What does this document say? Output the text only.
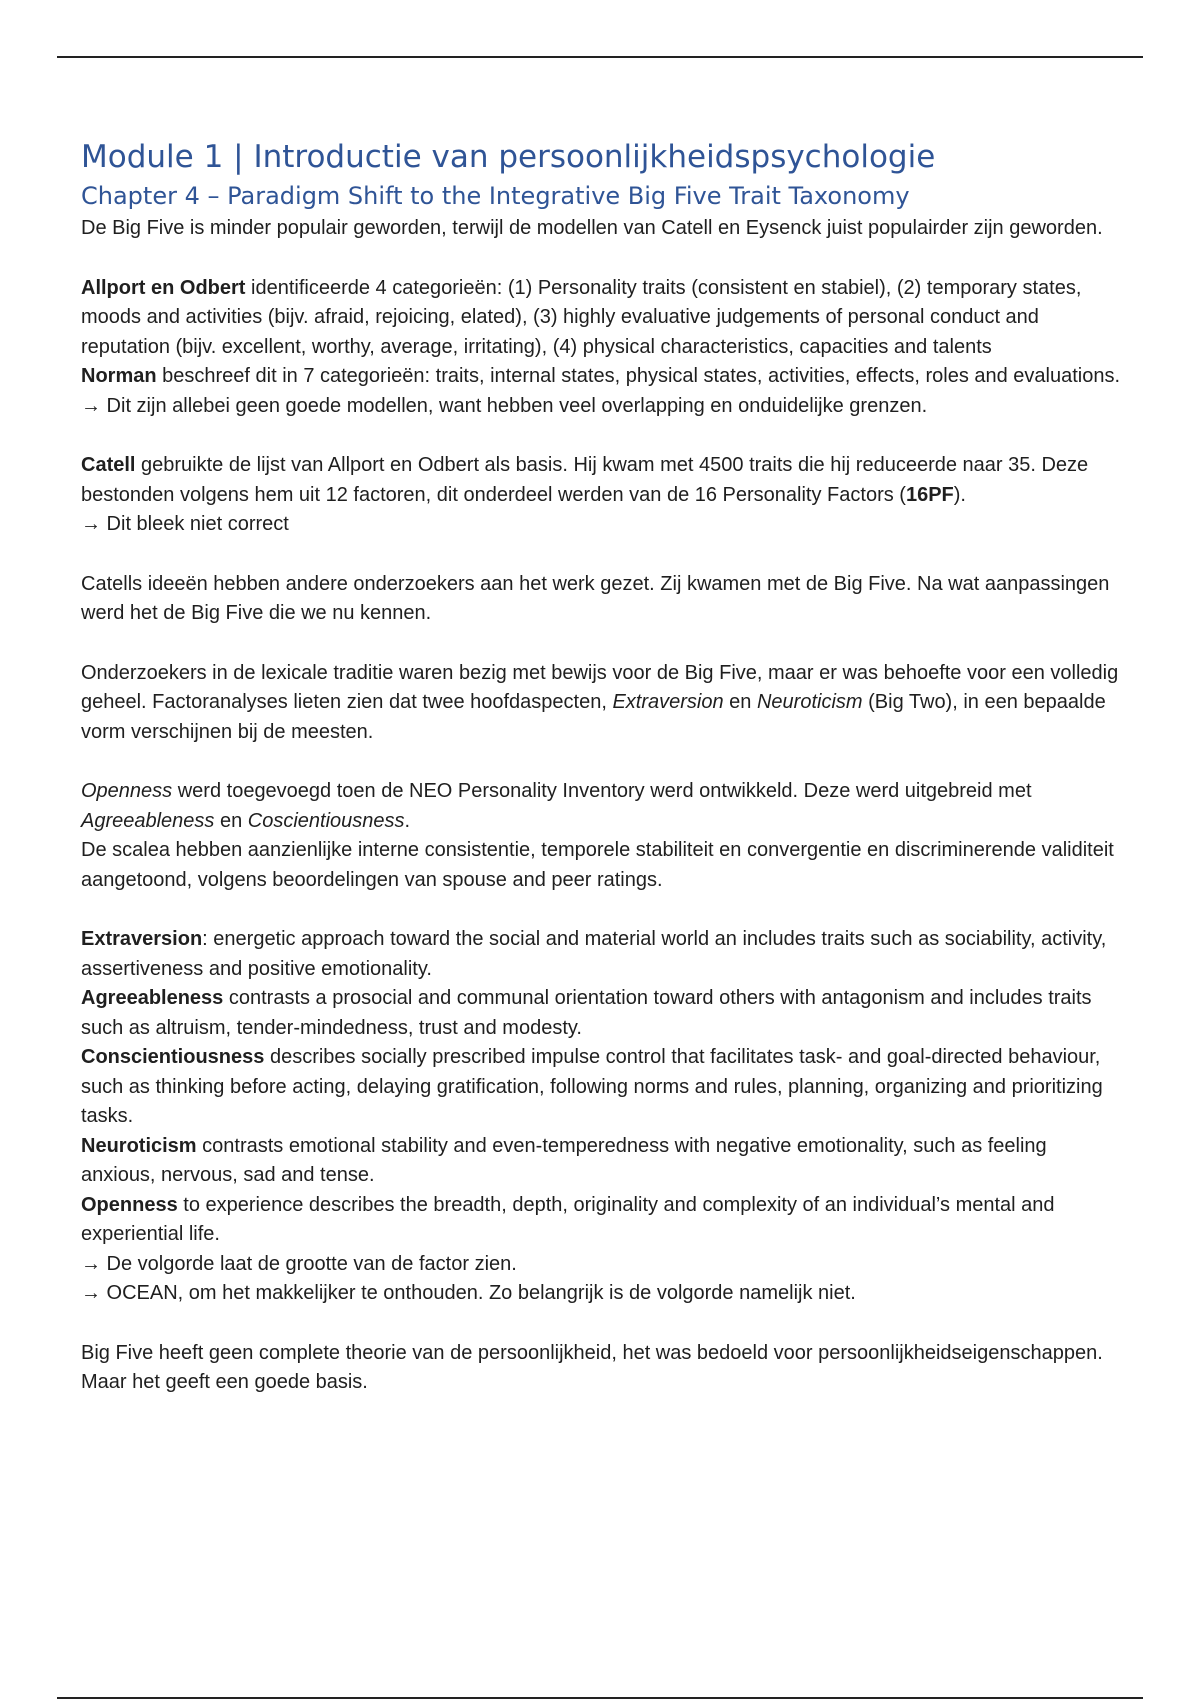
Module 1 | Introductie van persoonlijkheidspsychologie
Chapter 4 – Paradigm Shift to the Integrative Big Five Trait Taxonomy

De Big Five is minder populair geworden, terwijl de modellen van Catell en Eysenck juist populairder zijn geworden.

Allport en Odbert identificeerde 4 categorieën: (1) Personality traits (consistent en stabiel), (2) temporary states, moods and activities (bijv. afraid, rejoicing, elated), (3) highly evaluative judgements of personal conduct and reputation (bijv. excellent, worthy, average, irritating), (4) physical characteristics, capacities and talents

Norman beschreef dit in 7 categorieën: traits, internal states, physical states, activities, effects, roles and evaluations.

→ Dit zijn allebei geen goede modellen, want hebben veel overlapping en onduidelijke grenzen.

Catell gebruikte de lijst van Allport en Odbert als basis. Hij kwam met 4500 traits die hij reduceerde naar 35. Deze bestonden volgens hem uit 12 factoren, dit onderdeel werden van de 16 Personality Factors (16PF).

→ Dit bleek niet correct

Catells ideeën hebben andere onderzoekers aan het werk gezet. Zij kwamen met de Big Five. Na wat aanpassingen werd het de Big Five die we nu kennen.

Onderzoekers in de lexicale traditie waren bezig met bewijs voor de Big Five, maar er was behoefte voor een volledig geheel. Factoranalyses lieten zien dat twee hoofdaspecten, Extraversion en Neuroticism (Big Two), in een bepaalde vorm verschijnen bij de meesten.

Openness werd toegevoegd toen de NEO Personality Inventory werd ontwikkeld. Deze werd uitgebreid met Agreeableness en Coscientiousness.

De scalea hebben aanzienlijke interne consistentie, temporele stabiliteit en convergentie en discriminerende validiteit aangetoond, volgens beoordelingen van spouse and peer ratings.

Extraversion: energetic approach toward the social and material world an includes traits such as sociability, activity, assertiveness and positive emotionality.

Agreeableness contrasts a prosocial and communal orientation toward others with antagonism and includes traits such as altruism, tender-mindedness, trust and modesty.

Conscientiousness describes socially prescribed impulse control that facilitates task- and goal-directed behaviour, such as thinking before acting, delaying gratification, following norms and rules, planning, organizing and prioritizing tasks.

Neuroticism contrasts emotional stability and even-temperedness with negative emotionality, such as feeling anxious, nervous, sad and tense.

Openness to experience describes the breadth, depth, originality and complexity of an individual’s mental and experiential life.

→ De volgorde laat de grootte van de factor zien.

→ OCEAN, om het makkelijker te onthouden. Zo belangrijk is de volgorde namelijk niet.

Big Five heeft geen complete theorie van de persoonlijkheid, het was bedoeld voor persoonlijkheidseigenschappen. Maar het geeft een goede basis.
